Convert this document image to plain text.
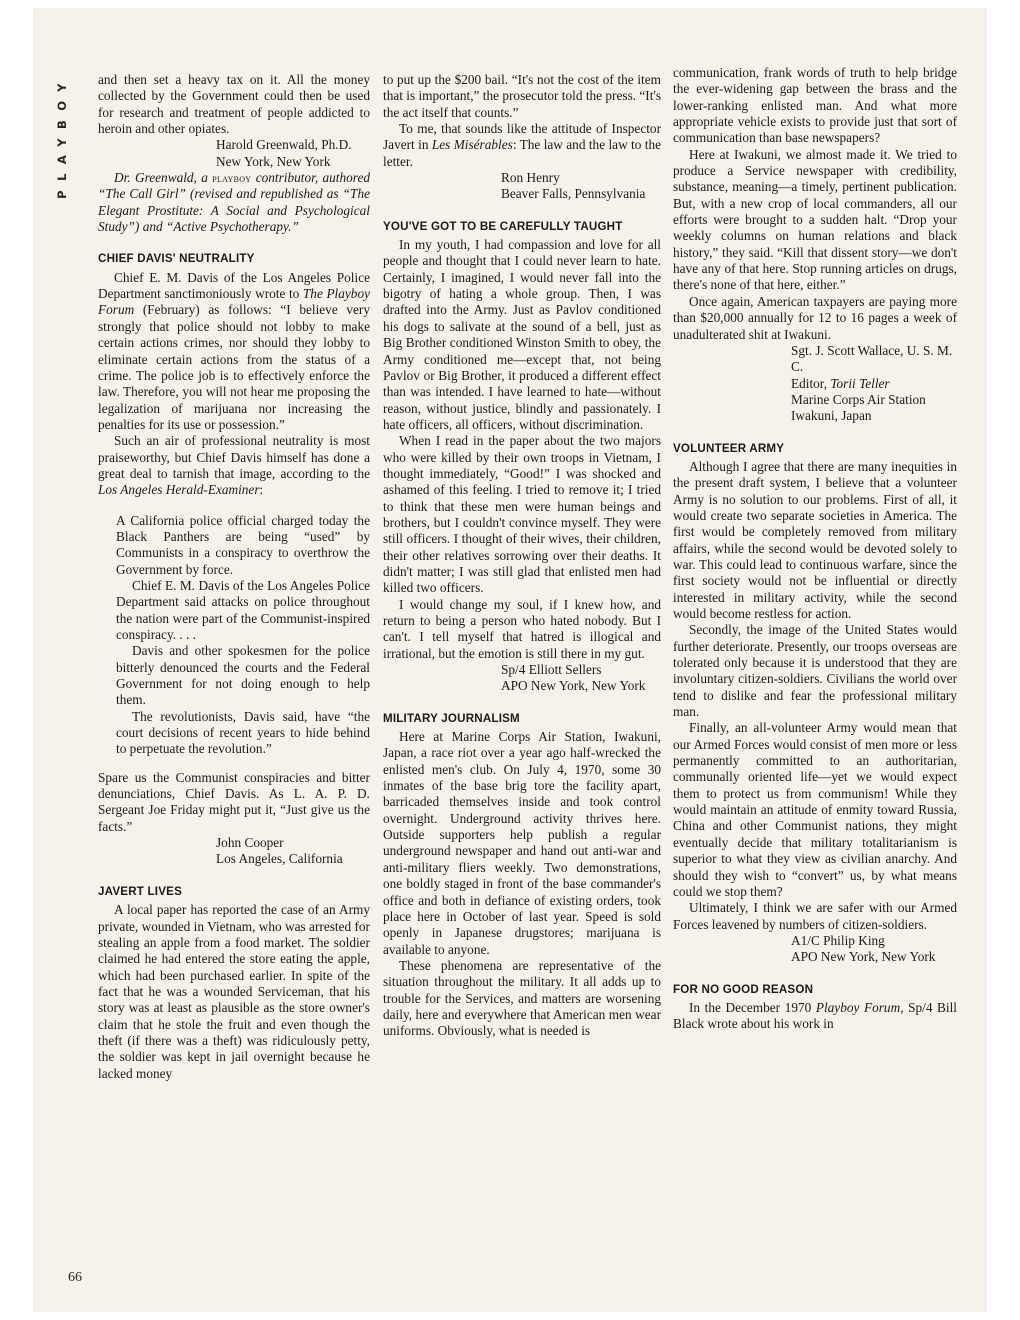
PLAYBOY and then set a heavy tax on it. All the money collected by the Government could then be used for research and treatment of people addicted to heroin and other opiates.

Harold Greenwald, Ph.D.
New York, New York

Dr. Greenwald, a playboy contributor, authored “The Call Girl” (revised and republished as “The Elegant Prostitute: A Social and Psychological Study”) and “Active Psychotherapy.”

CHIEF DAVIS' NEUTRALITY

Chief E. M. Davis of the Los Angeles Police Department sanctimoniously wrote to The Playboy Forum (February) as follows: “I believe very strongly that police should not lobby to make certain actions crimes, nor should they lobby to eliminate certain actions from the status of a crime. The police job is to effectively enforce the law. Therefore, you will not hear me proposing the legalization of marijuana nor increasing the penalties for its use or possession.”

Such an air of professional neutrality is most praiseworthy, but Chief Davis himself has done a great deal to tarnish that image, according to the Los Angeles Herald-Examiner:

A California police official charged today the Black Panthers are being “used” by Communists in a conspiracy to overthrow the Government by force.

Chief E. M. Davis of the Los Angeles Police Department said attacks on police throughout the nation were part of the Communist-inspired conspiracy. . . .

Davis and other spokesmen for the police bitterly denounced the courts and the Federal Government for not doing enough to help them.

The revolutionists, Davis said, have “the court decisions of recent years to hide behind to perpetuate the revolution.”

Spare us the Communist conspiracies and bitter denunciations, Chief Davis. As L. A. P. D. Sergeant Joe Friday might put it, “Just give us the facts.”

John Cooper
Los Angeles, California
JAVERT LIVES

A local paper has reported the case of an Army private, wounded in Vietnam, who was arrested for stealing an apple from a food market. The soldier claimed he had entered the store eating the apple, which had been purchased earlier. In spite of the fact that he was a wounded Serviceman, that his story was at least as plausible as the store owner's claim that he stole the fruit and even though the theft (if there was a theft) was ridiculously petty, the soldier was kept in jail overnight because he lacked money

to put up the $200 bail. “It's not the cost of the item that is important,” the prosecutor told the press. “It's the act itself that counts.”

To me, that sounds like the attitude of Inspector Javert in Les Misérables: The law and the law to the letter.

Ron Henry
Beaver Falls, Pennsylvania
YOU'VE GOT TO BE CAREFULLY TAUGHT

In my youth, I had compassion and love for all people and thought that I could never learn to hate. Certainly, I imagined, I would never fall into the bigotry of hating a whole group. Then, I was drafted into the Army. Just as Pavlov conditioned his dogs to salivate at the sound of a bell, just as Big Brother conditioned Winston Smith to obey, the Army conditioned me—except that, not being Pavlov or Big Brother, it produced a different effect than was intended. I have learned to hate—without reason, without justice, blindly and passionately. I hate officers, all officers, without discrimination.

When I read in the paper about the two majors who were killed by their own troops in Vietnam, I thought immediately, “Good!” I was shocked and ashamed of this feeling. I tried to remove it; I tried to think that these men were human beings and brothers, but I couldn't convince myself. They were still officers. I thought of their wives, their children, their other relatives sorrowing over their deaths. It didn't matter; I was still glad that enlisted men had killed two officers.

I would change my soul, if I knew how, and return to being a person who hated nobody. But I can't. I tell myself that hatred is illogical and irrational, but the emotion is still there in my gut.

Sp/4 Elliott Sellers
APO New York, New York
MILITARY JOURNALISM

Here at Marine Corps Air Station, Iwakuni, Japan, a race riot over a year ago half-wrecked the enlisted men's club. On July 4, 1970, some 30 inmates of the base brig tore the facility apart, barricaded themselves inside and took control overnight. Underground activity thrives here. Outside supporters help publish a regular underground newspaper and hand out anti-war and anti-military fliers weekly. Two demonstrations, one boldly staged in front of the base commander's office and both in defiance of existing orders, took place here in October of last year. Speed is sold openly in Japanese drugstores; marijuana is available to anyone.

These phenomena are representative of the situation throughout the military. It all adds up to trouble for the Services, and matters are worsening daily, here and everywhere that American men wear uniforms. Obviously, what is needed is

communication, frank words of truth to help bridge the ever-widening gap between the brass and the lower-ranking enlisted man. And what more appropriate vehicle exists to provide just that sort of communication than base newspapers?

Here at Iwakuni, we almost made it. We tried to produce a Service newspaper with credibility, substance, meaning—a timely, pertinent publication. But, with a new crop of local commanders, all our efforts were brought to a sudden halt. “Drop your weekly columns on human relations and black history,” they said. “Kill that dissent story—we don't have any of that here. Stop running articles on drugs, there's none of that here, either.”

Once again, American taxpayers are paying more than $20,000 annually for 12 to 16 pages a week of unadulterated shit at Iwakuni.

Sgt. J. Scott Wallace, U. S. M. C.
Editor, Torii Teller
Marine Corps Air Station
Iwakuni, Japan
VOLUNTEER ARMY

Although I agree that there are many inequities in the present draft system, I believe that a volunteer Army is no solution to our problems. First of all, it would create two separate societies in America. The first would be completely removed from military affairs, while the second would be devoted solely to war. This could lead to continuous warfare, since the first society would not be influential or directly interested in military activity, while the second would become restless for action.

Secondly, the image of the United States would further deteriorate. Presently, our troops overseas are tolerated only because it is understood that they are involuntary citizen-soldiers. Civilians the world over tend to dislike and fear the professional military man.

Finally, an all-volunteer Army would mean that our Armed Forces would consist of men more or less permanently committed to an authoritarian, communally oriented life—yet we would expect them to protect us from communism! While they would maintain an attitude of enmity toward Russia, China and other Communist nations, they might eventually decide that military totalitarianism is superior to what they view as civilian anarchy. And should they wish to “convert” us, by what means could we stop them?

Ultimately, I think we are safer with our Armed Forces leavened by numbers of citizen-soldiers.

A1/C Philip King
APO New York, New York
FOR NO GOOD REASON

In the December 1970 Playboy Forum, Sp/4 Bill Black wrote about his work in

66
